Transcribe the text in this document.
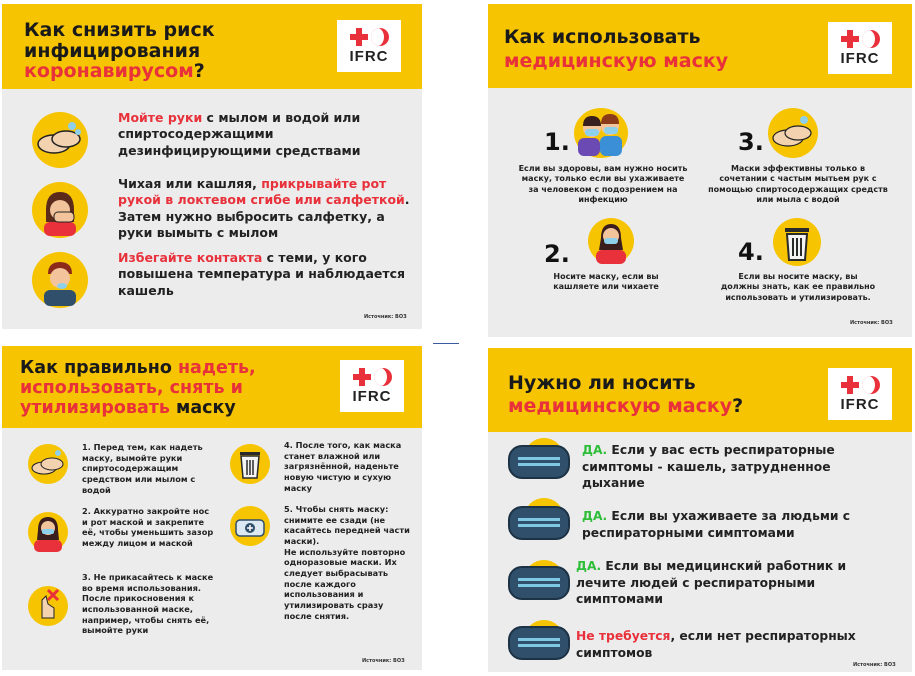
Как снизить риск
инфицирования
коронавирусом?
IFRC
Мойте руки с мылом и водой или спиртосодержащими дезинфицирующими средствами
Чихая или кашляя, прикрывайте рот рукой в локтевом сгибе или салфеткой. Затем нужно выбросить салфетку, а руки вымыть с мылом
Избегайте контакта с теми, у кого повышена температура и наблюдается кашель
Источник: ВОЗ
Как использовать
медицинскую маску	IFRC
1.
Если вы здоровы, вам нужно носить маску, только если вы ухаживаете за человеком с подозрением на инфекцию
3.
Маски эффективны только в сочетании с частым мытьем рук с помощью спиртосодержащих средств или мыла с водой
2.
Носите маску, если вы кашляете или чихаете
4.
Если вы носите маску, вы должны знать, как ее правильно использовать и утилизировать.
Источник: ВОЗ
Как правильно надеть,
использовать, снять и
утилизировать маску
IFRC
1. Перед тем, как надеть маску, вымойте руки спиртосодержащим средством или мылом с водой
2. Аккуратно закройте нос и рот маской и закрепите её, чтобы уменьшить зазор между лицом и маской
3. Не прикасайтесь к маске во время использования. После прикосновения к использованной маске, например, чтобы снять её, вымойте руки
4. После того, как маска станет влажной или загрязнённой, наденьте новую чистую и сухую маску
5. Чтобы снять маску: снимите ее сзади (не касайтесь передней части маски).
Не используйте повторно одноразовые маски. Их следует выбрасывать после каждого использования и утилизировать сразу после снятия.
Источник: ВОЗ
Нужно ли носить
медицинскую маску?	IFRC
ДА. Если у вас есть респираторные симптомы - кашель, затрудненное дыхание
ДА. Если вы ухаживаете за людьми с респираторными симптомами
ДА. Если вы медицинский работник и лечите людей с респираторными симптомами
Не требуется, если нет респираторных симптомов
Источник: ВОЗ
